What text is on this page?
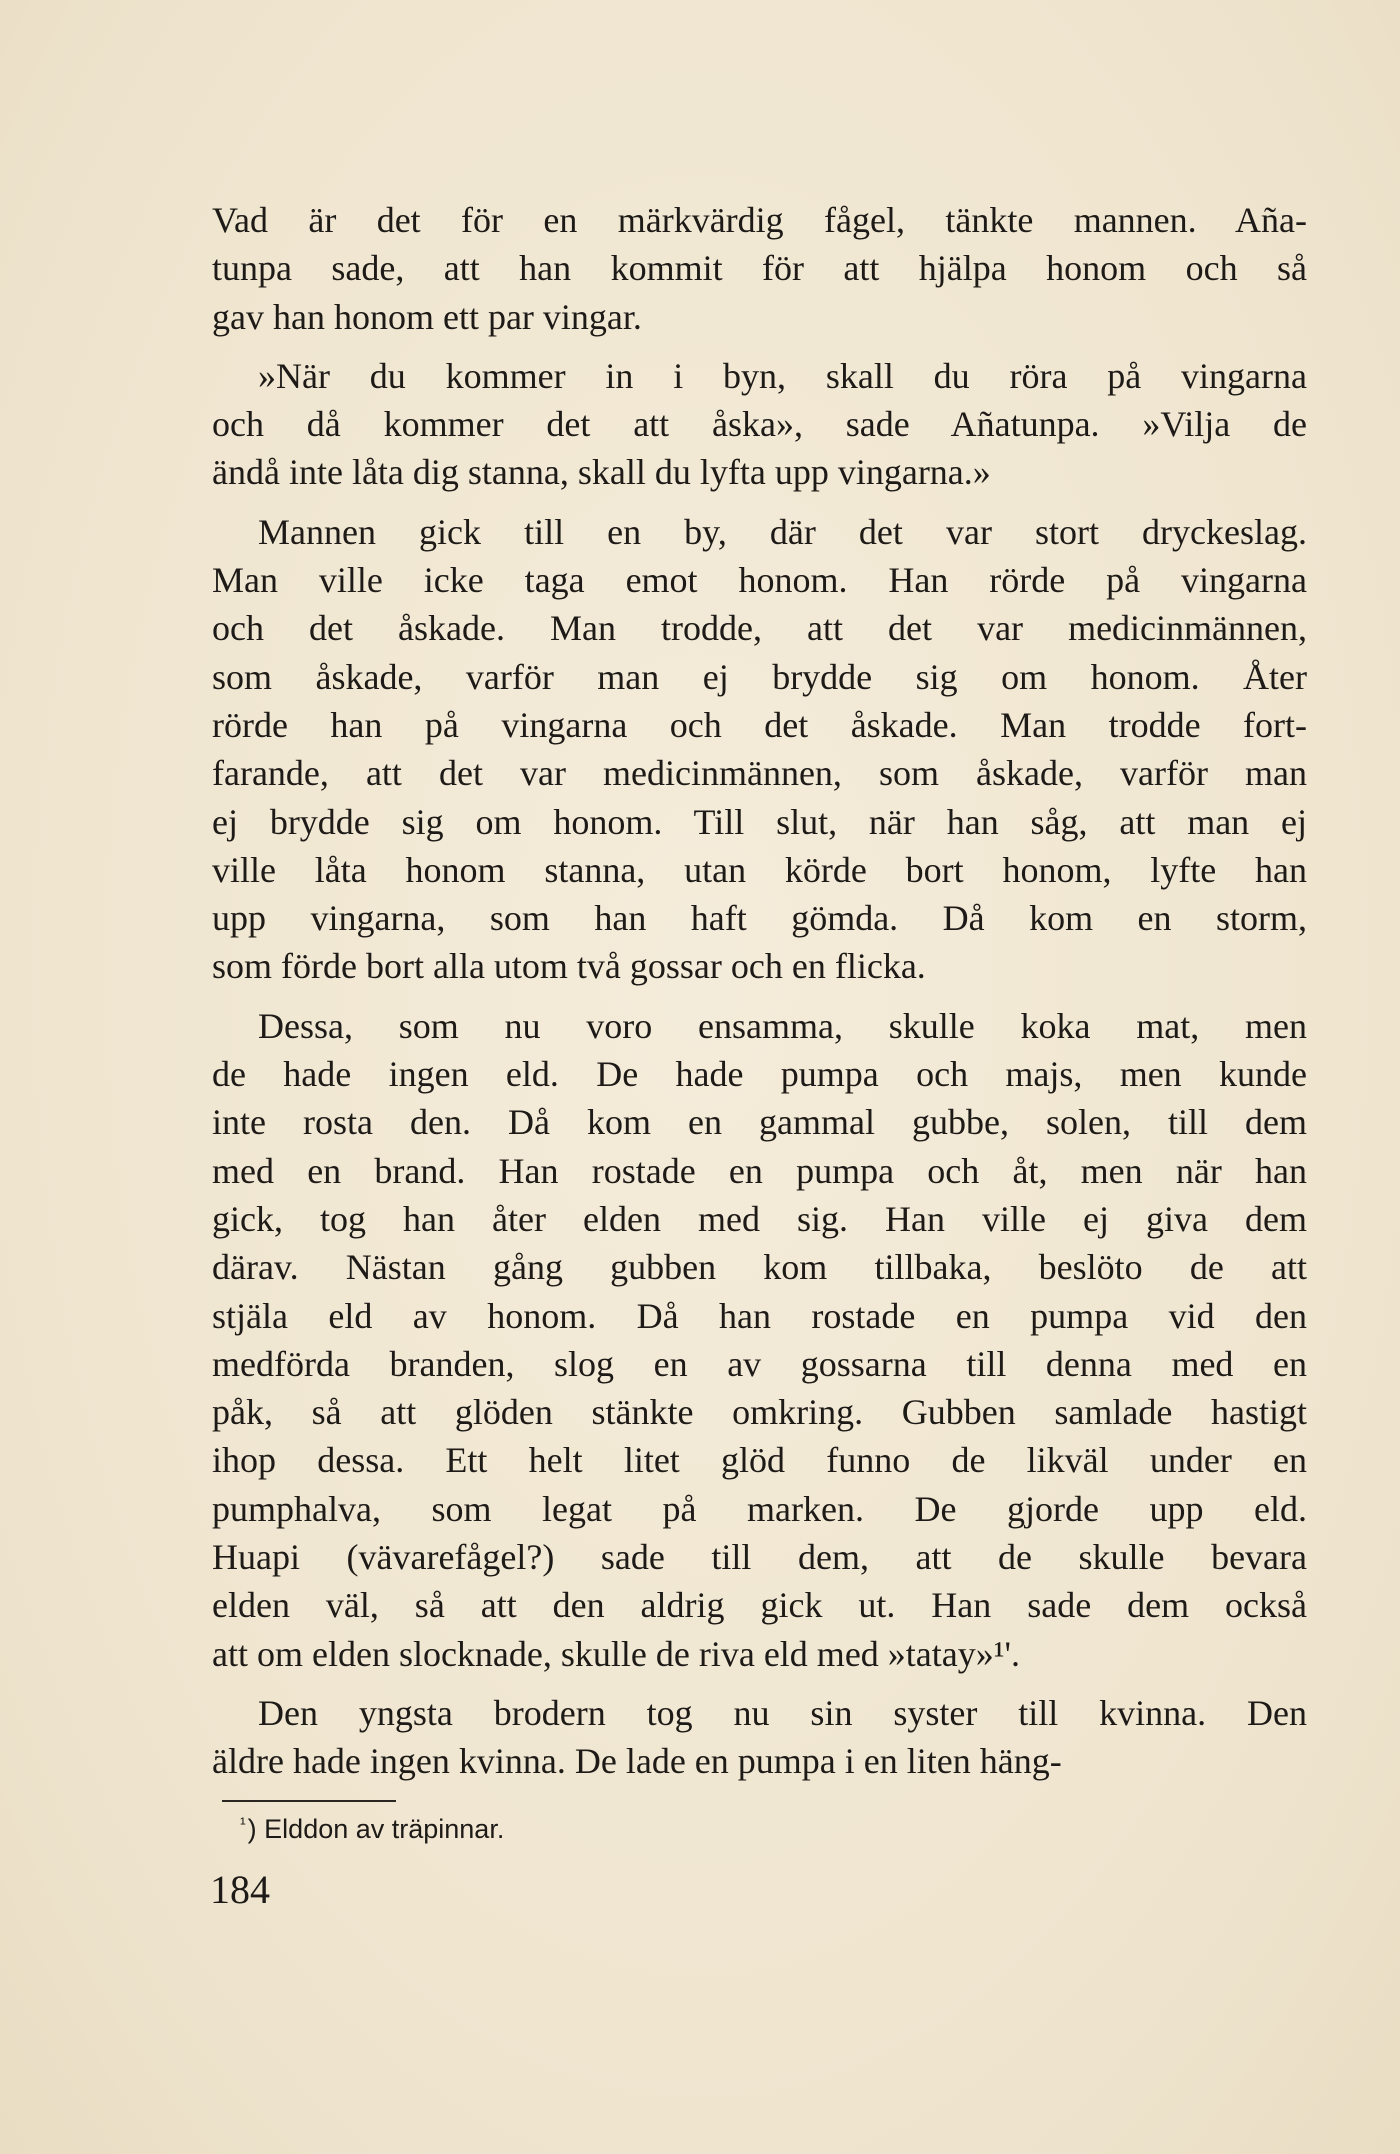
Vad är det för en märkvärdig fågel, tänkte mannen. Aña-
tunpa sade, att han kommit för att hjälpa honom och så
gav han honom ett par vingar.
»När du kommer in i byn, skall du röra på vingarna
och då kommer det att åska», sade Añatunpa. »Vilja de
ändå inte låta dig stanna, skall du lyfta upp vingarna.»
Mannen gick till en by, där det var stort dryckeslag.
Man ville icke taga emot honom. Han rörde på vingarna
och det åskade. Man trodde, att det var medicinmännen,
som åskade, varför man ej brydde sig om honom. Åter
rörde han på vingarna och det åskade. Man trodde fort-
farande, att det var medicinmännen, som åskade, varför man
ej brydde sig om honom. Till slut, när han såg, att man ej
ville låta honom stanna, utan körde bort honom, lyfte han
upp vingarna, som han haft gömda. Då kom en storm,
som förde bort alla utom två gossar och en flicka.
Dessa, som nu voro ensamma, skulle koka mat, men
de hade ingen eld. De hade pumpa och majs, men kunde
inte rosta den. Då kom en gammal gubbe, solen, till dem
med en brand. Han rostade en pumpa och åt, men när han
gick, tog han åter elden med sig. Han ville ej giva dem
därav. Nästan gång gubben kom tillbaka, beslöto de att
stjäla eld av honom. Då han rostade en pumpa vid den
medförda branden, slog en av gossarna till denna med en
påk, så att glöden stänkte omkring. Gubben samlade hastigt
ihop dessa. Ett helt litet glöd funno de likväl under en
pumphalva, som legat på marken. De gjorde upp eld.
Huapi (vävarefågel?) sade till dem, att de skulle bevara
elden väl, så att den aldrig gick ut. Han sade dem också
att om elden slocknade, skulle de riva eld med »tatay»¹'.
Den yngsta brodern tog nu sin syster till kvinna. Den
äldre hade ingen kvinna. De lade en pumpa i en liten häng-
$^{^1}$) Elddon av träpinnar.
184
